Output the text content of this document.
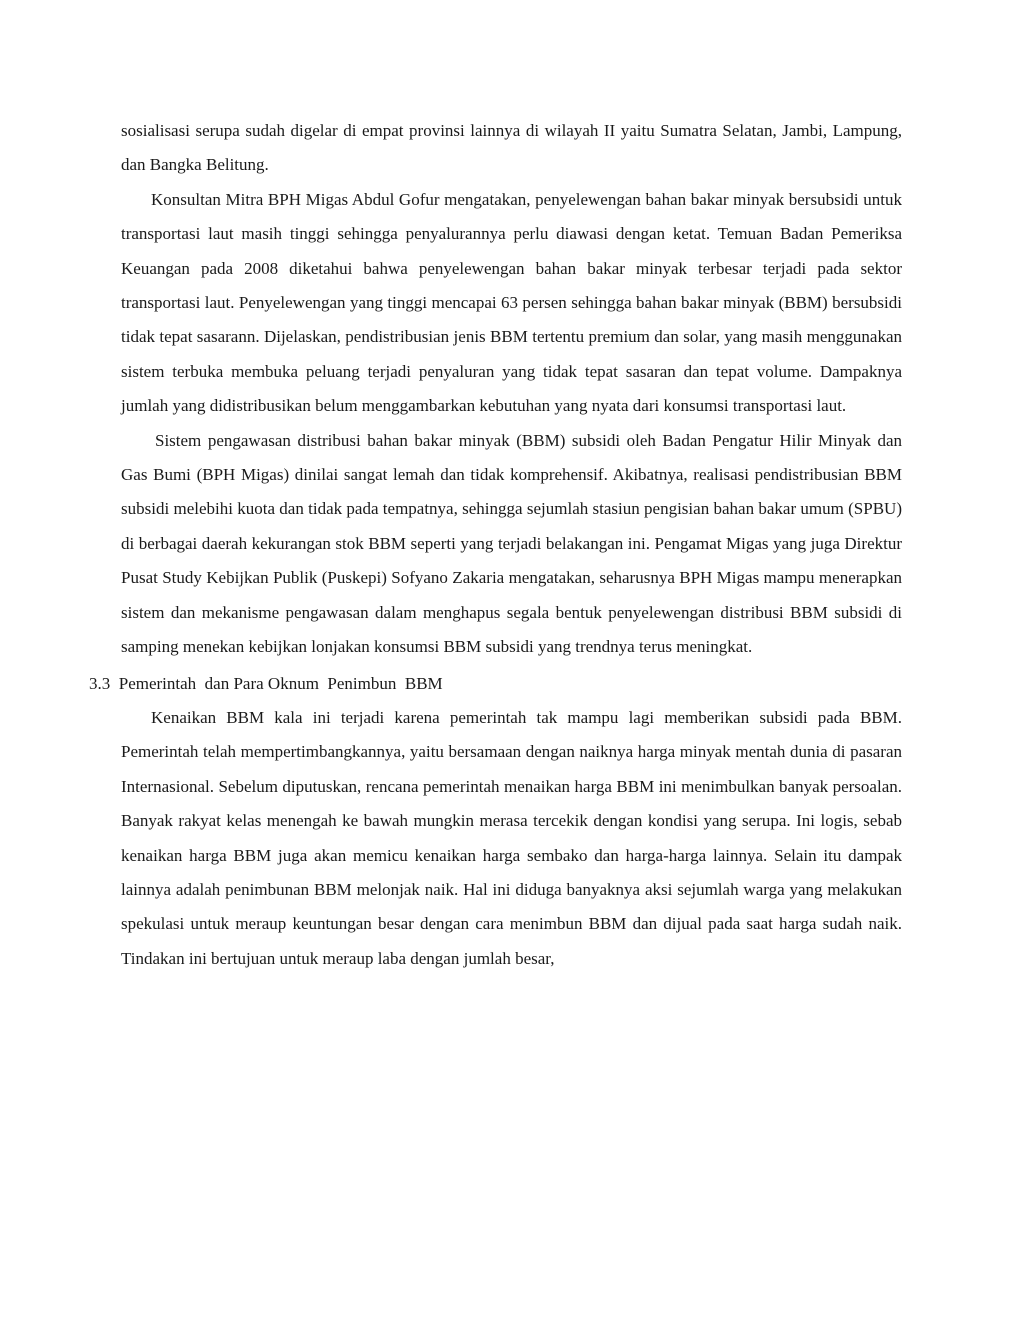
sosialisasi serupa sudah digelar di empat provinsi lainnya di wilayah II yaitu Sumatra Selatan, Jambi, Lampung, dan Bangka Belitung.

Konsultan Mitra BPH Migas Abdul Gofur mengatakan, penyelewengan bahan bakar minyak bersubsidi untuk transportasi laut masih tinggi sehingga penyalurannya perlu diawasi dengan ketat. Temuan Badan Pemeriksa Keuangan pada 2008 diketahui bahwa penyelewengan bahan bakar minyak terbesar terjadi pada sektor transportasi laut. Penyelewengan yang tinggi mencapai 63 persen sehingga bahan bakar minyak (BBM) bersubsidi tidak tepat sasarann. Dijelaskan, pendistribusian jenis BBM tertentu premium dan solar, yang masih menggunakan sistem terbuka membuka peluang terjadi penyaluran yang tidak tepat sasaran dan tepat volume. Dampaknya jumlah yang didistribusikan belum menggambarkan kebutuhan yang nyata dari konsumsi transportasi laut.

Sistem pengawasan distribusi bahan bakar minyak (BBM) subsidi oleh Badan Pengatur Hilir Minyak dan Gas Bumi (BPH Migas) dinilai sangat lemah dan tidak komprehensif. Akibatnya, realisasi pendistribusian BBM subsidi melebihi kuota dan tidak pada tempatnya, sehingga sejumlah stasiun pengisian bahan bakar umum (SPBU) di berbagai daerah kekurangan stok BBM seperti yang terjadi belakangan ini. Pengamat Migas yang juga Direktur Pusat Study Kebijkan Publik (Puskepi) Sofyano Zakaria mengatakan, seharusnya BPH Migas mampu menerapkan sistem dan mekanisme pengawasan dalam menghapus segala bentuk penyelewengan distribusi BBM subsidi di samping menekan kebijkan lonjakan konsumsi BBM subsidi yang trendnya terus meningkat.

3.3 Pemerintah  dan Para Oknum  Penimbun  BBM

Kenaikan BBM kala ini terjadi karena pemerintah tak mampu lagi memberikan subsidi pada BBM. Pemerintah telah mempertimbangkannya, yaitu bersamaan dengan naiknya harga minyak mentah dunia di pasaran Internasional. Sebelum diputuskan, rencana pemerintah menaikan harga BBM ini menimbulkan banyak persoalan. Banyak rakyat kelas menengah ke bawah mungkin merasa tercekik dengan kondisi yang serupa. Ini logis, sebab kenaikan harga BBM juga akan memicu kenaikan harga sembako dan harga-harga lainnya. Selain itu dampak lainnya adalah penimbunan BBM melonjak naik. Hal ini diduga banyaknya aksi sejumlah warga yang melakukan spekulasi untuk meraup keuntungan besar dengan cara menimbun BBM dan dijual pada saat harga sudah naik. Tindakan ini bertujuan untuk meraup laba dengan jumlah besar,
